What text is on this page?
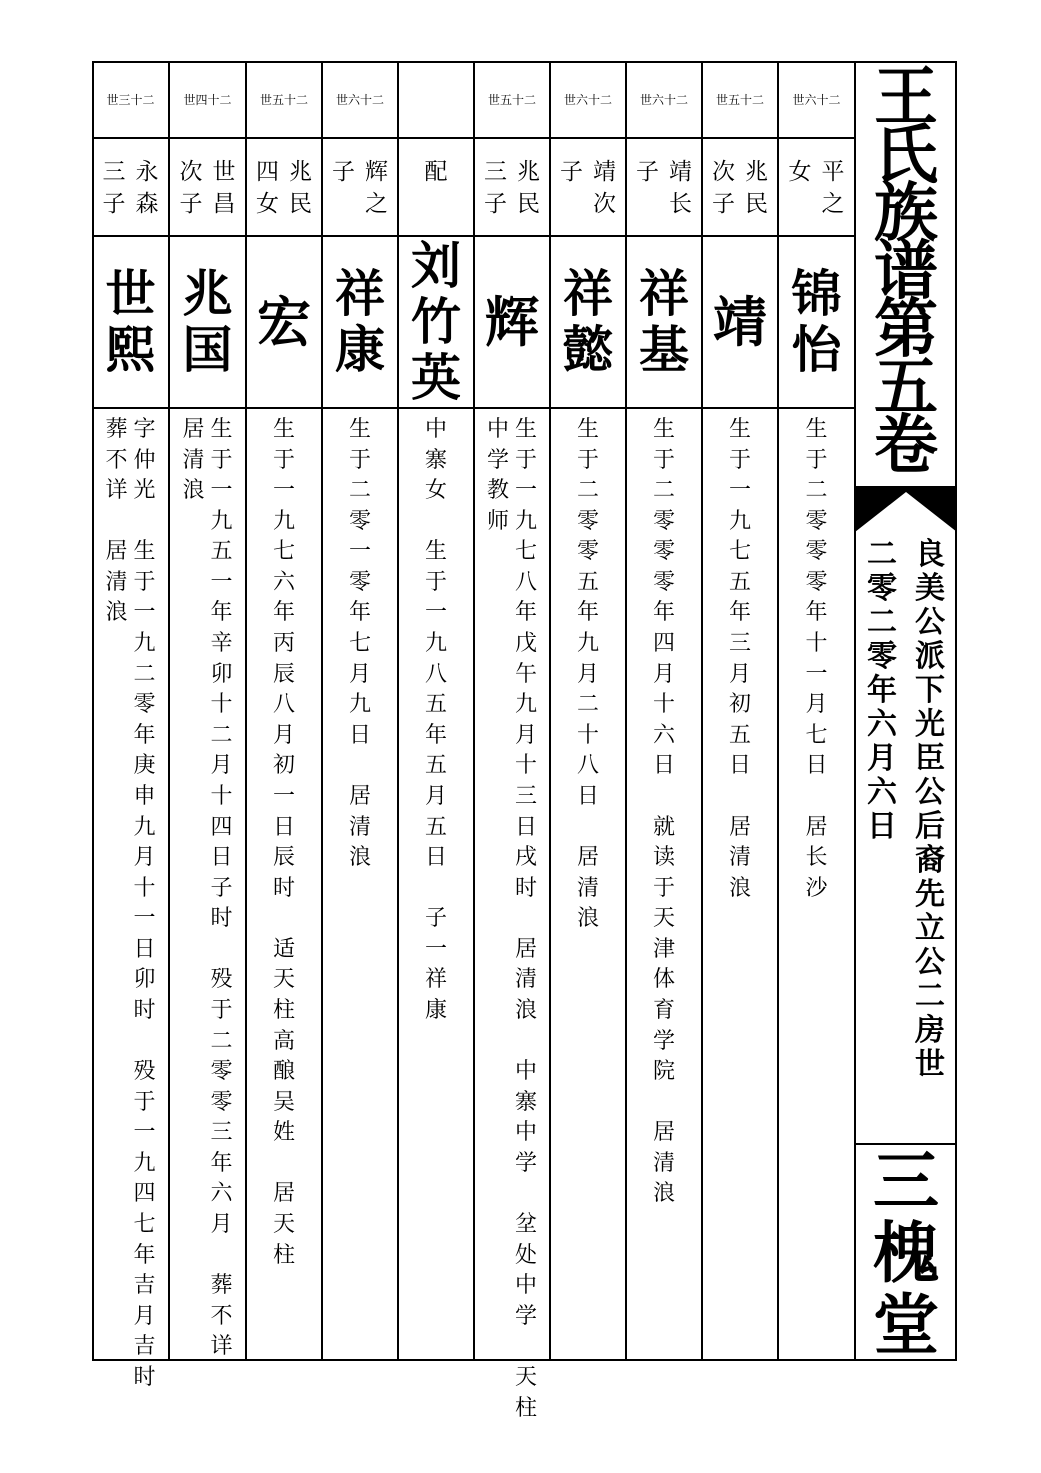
世六十二
平
之
女
锦
怡
生
于
二
零
零
零
年
十
一
月
七
日

居
长
沙
世五十二
兆
民
次
子
靖
生
于
一
九
七
五
年
三
月
初
五
日

居
清
浪
世六十二
靖
长
子
祥
基
生
于
二
零
零
零
年
四
月
十
六
日

就
读
于
天
津
体
育
学
院

居
清
浪
世六十二
靖
次
子
祥
懿
生
于
二
零
零
五
年
九
月
二
十
八
日

居
清
浪
世五十二
兆
民
三
子
辉
生
于
一
九
七
八
年
戊
午
九
月
十
三
日
戌
时

居
清
浪

中
寨
中
学

坌
处
中
学

天
柱
中
学
教
师
配
刘
竹
英
中
寨
女

生
于
一
九
八
五
年
五
月
五
日

子
一
祥
康
世六十二
辉
之
子
祥
康
生
于
二
零
一
零
年
七
月
九
日

居
清
浪
世五十二
兆
民
四
女
宏
生
于
一
九
七
六
年
丙
辰
八
月
初
一
日
辰
时

适
天
柱
高
酿
吴
姓

居
天
柱
世四十二
世
昌
次
子
兆
国
生
于
一
九
五
一
年
辛
卯
十
二
月
十
四
日
子
时

殁
于
二
零
零
三
年
六
月

葬
不
详
居
清
浪
世三十二
永
森
三
子
世
熙
字
仲
光

生
于
一
九
二
零
年
庚
申
九
月
十
一
日
卯
时

殁
于
一
九
四
七
年
吉
月
吉
时
葬
不
详

居
清
浪
王
氏
族
谱
第
五
卷
良
美
公
派
下
光
臣
公
后
裔
先
立
公
二
房
世
二
零
二
零
年
六
月
六
日
三
槐
堂
